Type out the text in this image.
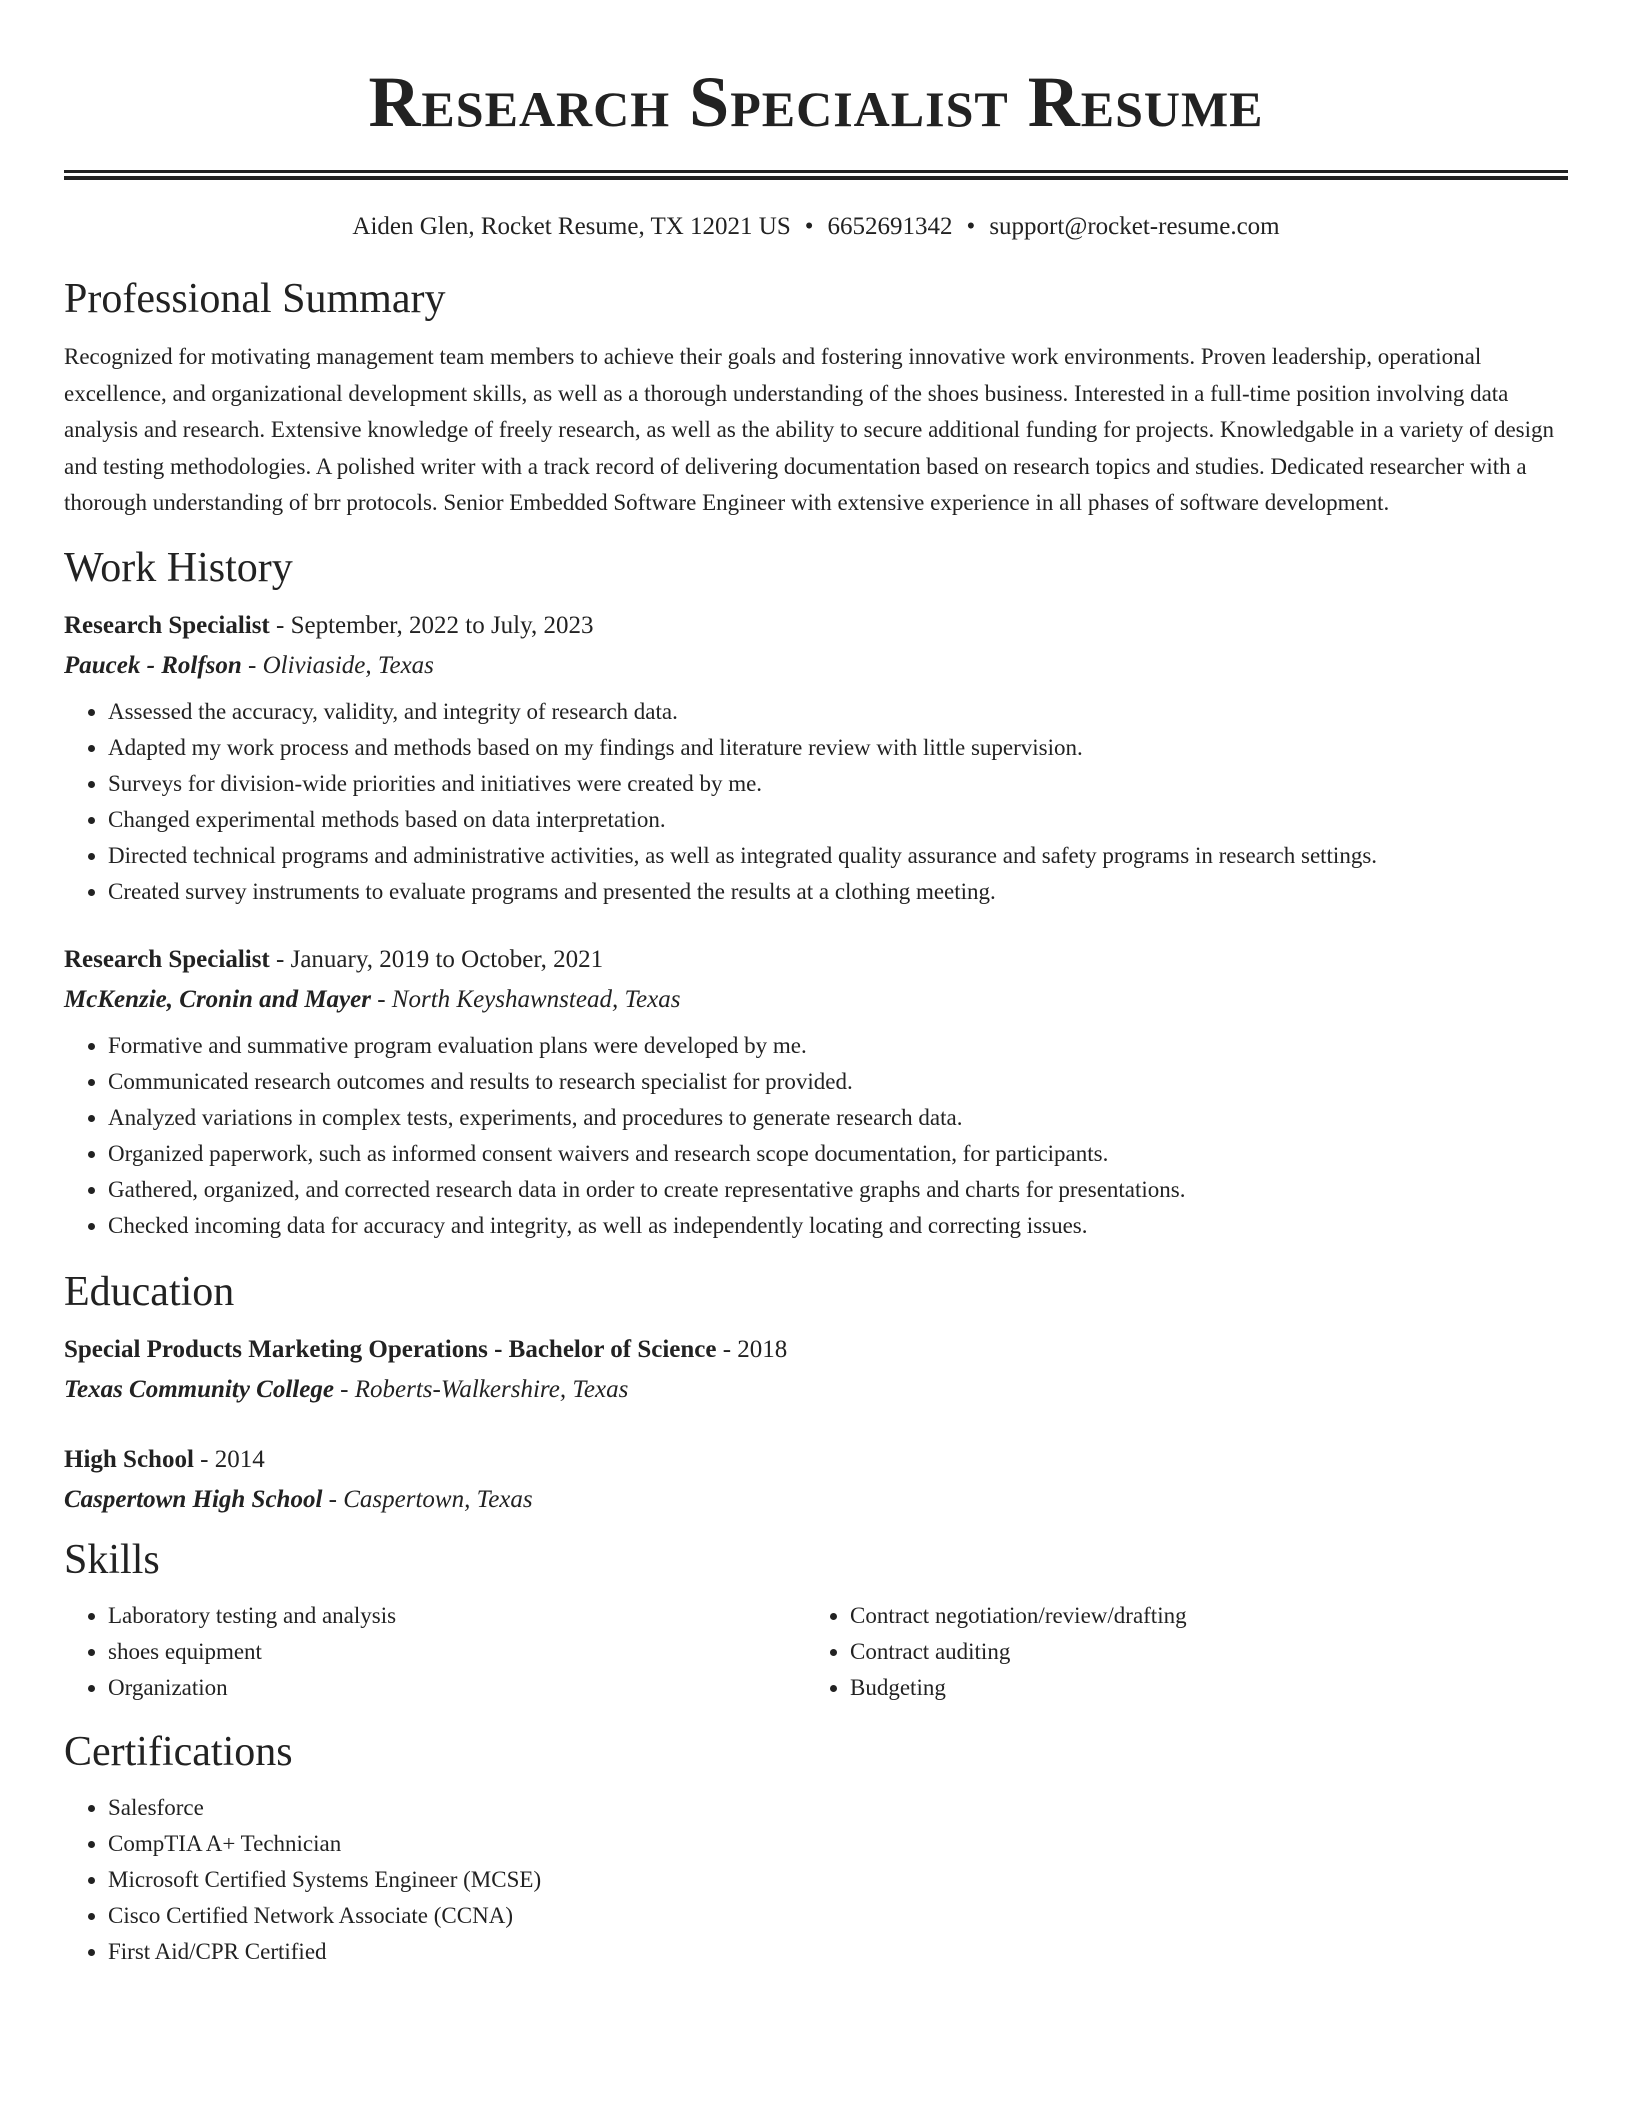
Research Specialist Resume
Aiden Glen, Rocket Resume, TX 12021 US • 6652691342 • support@rocket-resume.com
Professional Summary

Recognized for motivating management team members to achieve their goals and fostering innovative work environments. Proven leadership, operational excellence, and organizational development skills, as well as a thorough understanding of the shoes business. Interested in a full-time position involving data analysis and research. Extensive knowledge of freely research, as well as the ability to secure additional funding for projects. Knowledgable in a variety of design and testing methodologies. A polished writer with a track record of delivering documentation based on research topics and studies. Dedicated researcher with a thorough understanding of brr protocols. Senior Embedded Software Engineer with extensive experience in all phases of software development.

Work History
Research Specialist - September, 2022 to July, 2023
Paucek - Rolfson - Oliviaside, Texas
• Assessed the accuracy, validity, and integrity of research data.
• Adapted my work process and methods based on my findings and literature review with little supervision.
• Surveys for division-wide priorities and initiatives were created by me.
• Changed experimental methods based on data interpretation.
• Directed technical programs and administrative activities, as well as integrated quality assurance and safety programs in research settings.
• Created survey instruments to evaluate programs and presented the results at a clothing meeting.
Research Specialist - January, 2019 to October, 2021
McKenzie, Cronin and Mayer - North Keyshawnstead, Texas
• Formative and summative program evaluation plans were developed by me.
• Communicated research outcomes and results to research specialist for provided.
• Analyzed variations in complex tests, experiments, and procedures to generate research data.
• Organized paperwork, such as informed consent waivers and research scope documentation, for participants.
• Gathered, organized, and corrected research data in order to create representative graphs and charts for presentations.
• Checked incoming data for accuracy and integrity, as well as independently locating and correcting issues.
Education
Special Products Marketing Operations - Bachelor of Science - 2018
Texas Community College - Roberts-Walkershire, Texas
High School - 2014
Caspertown High School - Caspertown, Texas
Skills
• Laboratory testing and analysis
• shoes equipment
• Organization
• Contract negotiation/review/drafting
• Contract auditing
• Budgeting
Certifications
• Salesforce
• CompTIA A+ Technician
• Microsoft Certified Systems Engineer (MCSE)
• Cisco Certified Network Associate (CCNA)
• First Aid/CPR Certified
